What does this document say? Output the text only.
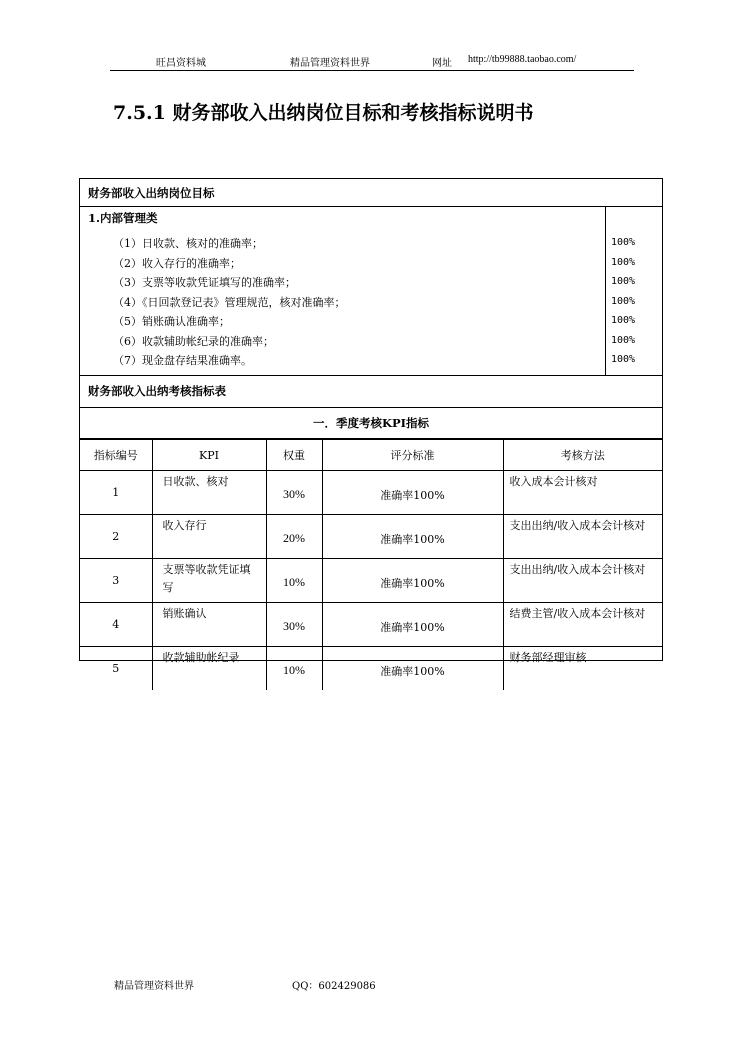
旺昌资料城	精品管理资料世界	网址 http://tb99888.taobao.com/
7.5.1 财务部收入出纳岗位目标和考核指标说明书
财务部收入出纳岗位目标
1.内部管理类
（1）日收款、核对的准确率；	100%
（2）收入存行的准确率；	100%
（3）支票等收款凭证填写的准确率；	100%
（4）《日回款登记表》管理规范，核对准确率；	100%
（5）销账确认准确率；	100%
（6）收款辅助帐纪录的准确率；	100%
（7）现金盘存结果准确率。	100%
财务部收入出纳考核指标表
一．季度考核KPI指标
指标编号	KPI	权重	评分标准	考核方法
1	日收款、核对	30%	准确率100%	收入成本会计核对
2	收入存行	20%	准确率100%	支出出纳/收入成本会计核对
3	支票等收款凭证填写	10%	准确率100%	支出出纳/收入成本会计核对
4	销账确认	30%	准确率100%	结费主管/收入成本会计核对
5	收款辅助帐纪录	10%	准确率100%	财务部经理审核
精品管理资料世界	QQ：602429086
